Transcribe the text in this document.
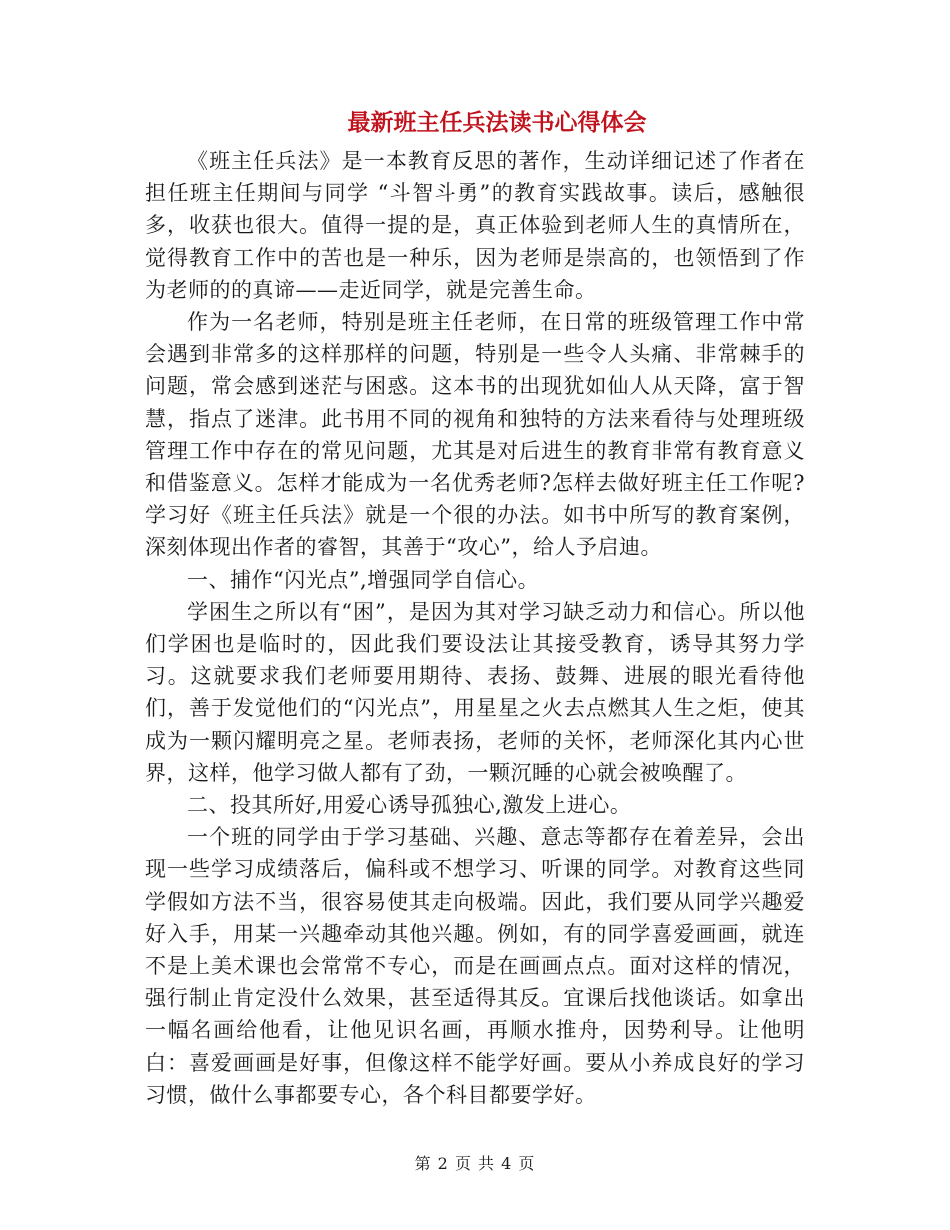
最新班主任兵法读书心得体会

《班主任兵法》是一本教育反思的著作，生动详细记述了作者在担任班主任期间与同学 “斗智斗勇”的教育实践故事。读后，感触很多，收获也很大。值得一提的是，真正体验到老师人生的真情所在，觉得教育工作中的苦也是一种乐，因为老师是崇高的，也领悟到了作为老师的的真谛——走近同学，就是完善生命。

作为一名老师，特别是班主任老师，在日常的班级管理工作中常会遇到非常多的这样那样的问题，特别是一些令人头痛、非常棘手的问题，常会感到迷茫与困惑。这本书的出现犹如仙人从天降，富于智慧，指点了迷津。此书用不同的视角和独特的方法来看待与处理班级管理工作中存在的常见问题，尤其是对后进生的教育非常有教育意义和借鉴意义。怎样才能成为一名优秀老师?怎样去做好班主任工作呢?学习好《班主任兵法》就是一个很的办法。如书中所写的教育案例，深刻体现出作者的睿智，其善于“攻心”，给人予启迪。

一、捕作“闪光点”,增强同学自信心。

学困生之所以有“困”，是因为其对学习缺乏动力和信心。所以他们学困也是临时的，因此我们要设法让其接受教育，诱导其努力学习。这就要求我们老师要用期待、表扬、鼓舞、进展的眼光看待他们，善于发觉他们的“闪光点”，用星星之火去点燃其人生之炬，使其成为一颗闪耀明亮之星。老师表扬，老师的关怀，老师深化其内心世界，这样，他学习做人都有了劲，一颗沉睡的心就会被唤醒了。

二、投其所好,用爱心诱导孤独心,激发上进心。

一个班的同学由于学习基础、兴趣、意志等都存在着差异，会出现一些学习成绩落后，偏科或不想学习、听课的同学。对教育这些同学假如方法不当，很容易使其走向极端。因此，我们要从同学兴趣爱好入手，用某一兴趣牵动其他兴趣。例如，有的同学喜爱画画，就连不是上美术课也会常常不专心，而是在画画点点。面对这样的情况，强行制止肯定没什么效果，甚至适得其反。宜课后找他谈话。如拿出一幅名画给他看，让他见识名画，再顺水推舟，因势利导。让他明白：喜爱画画是好事，但像这样不能学好画。要从小养成良好的学习习惯，做什么事都要专心，各个科目都要学好。

第 2 页 共 4 页
